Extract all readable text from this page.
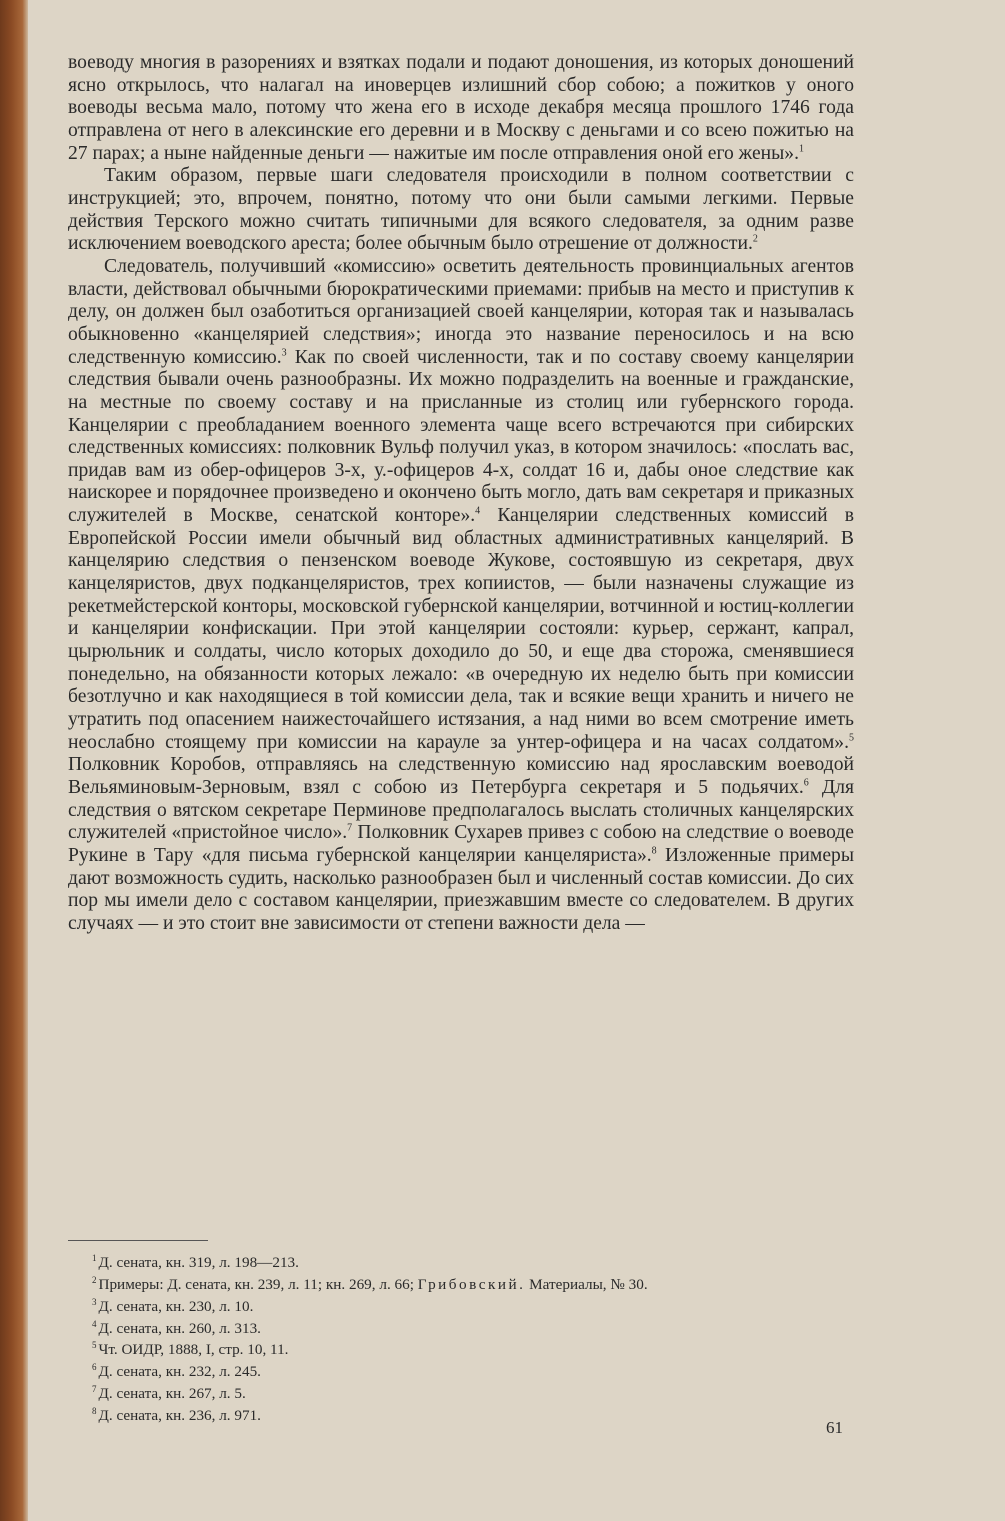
воеводу многия в разорениях и взятках подали и подают доношения, из которых доношений ясно открылось, что налагал на иноверцев излишний сбор собою; а пожитков у оного воеводы весьма мало, потому что жена его в исходе декабря месяца прошлого 1746 года отправлена от него в алексинские его деревни и в Москву с деньгами и со всею пожитью на 27 парах; а ныне найденные деньги — нажитые им после отправления оной его жены».$^1$

Таким образом, первые шаги следователя происходили в полном соответствии с инструкцией; это, впрочем, понятно, потому что они были самыми легкими. Первые действия Терского можно считать типичными для всякого следователя, за одним разве исключением воеводского ареста; более обычным было отрешение от должности.$^2$

Следователь, получивший «комиссию» осветить деятельность провинциальных агентов власти, действовал обычными бюрократическими приемами: прибыв на место и приступив к делу, он должен был озаботиться организацией своей канцелярии, которая так и называлась обыкновенно «канцелярией следствия»; иногда это название переносилось и на всю следственную комиссию.$^3$ Как по своей численности, так и по составу своему канцелярии следствия бывали очень разнообразны. Их можно подразделить на военные и гражданские, на местные по своему составу и на присланные из столиц или губернского города. Канцелярии с преобладанием военного элемента чаще всего встречаются при сибирских следственных комиссиях: полковник Вульф получил указ, в котором значилось: «послать вас, придав вам из обер-офицеров 3-х, у.-офицеров 4-х, солдат 16 и, дабы оное следствие как наискорее и порядочнее произведено и окончено быть могло, дать вам секретаря и приказных служителей в Москве, сенатской конторе».$^4$ Канцелярии следственных комиссий в Европейской России имели обычный вид областных административных канцелярий. В канцелярию следствия о пензенском воеводе Жукове, состоявшую из секретаря, двух канцеляристов, двух подканцеляристов, трех копиистов, — были назначены служащие из рекетмейстерской конторы, московской губернской канцелярии, вотчинной и юстиц-коллегии и канцелярии конфискации. При этой канцелярии состояли: курьер, сержант, капрал, цырюльник и солдаты, число которых доходило до 50, и еще два сторожа, сменявшиеся понедельно, на обязанности которых лежало: «в очередную их неделю быть при комиссии безотлучно и как находящиеся в той комиссии дела, так и всякие вещи хранить и ничего не утратить под опасением наижесточайшего истязания, а над ними во всем смотрение иметь неослабно стоящему при комиссии на карауле за унтер-офицера и на часах солдатом».$^5$ Полковник Коробов, отправляясь на следственную комиссию над ярославским воеводой Вельяминовым-Зерновым, взял с собою из Петербурга секретаря и 5 подьячих.$^6$ Для следствия о вятском секретаре Перминове предполагалось выслать столичных канцелярских служителей «пристойное число».$^7$ Полковник Сухарев привез с собою на следствие о воеводе Рукине в Тару «для письма губернской канцелярии канцеляриста».$^8$ Изложенные примеры дают возможность судить, насколько разнообразен был и численный состав комиссии. До сих пор мы имели дело с составом канцелярии, приезжавшим вместе со следователем. В других случаях — и это стоит вне зависимости от степени важности дела —

$^1$ Д. сената, кн. 319, л. 198—213.

$^2$ Примеры: Д. сената, кн. 239, л. 11; кн. 269, л. 66; Грибовский. Материалы, № 30.

$^3$ Д. сената, кн. 230, л. 10.

$^4$ Д. сената, кн. 260, л. 313.

$^5$ Чт. ОИДР, 1888, I, стр. 10, 11.

$^6$ Д. сената, кн. 232, л. 245.

$^7$ Д. сената, кн. 267, л. 5.

$^8$ Д. сената, кн. 236, л. 971.

61
